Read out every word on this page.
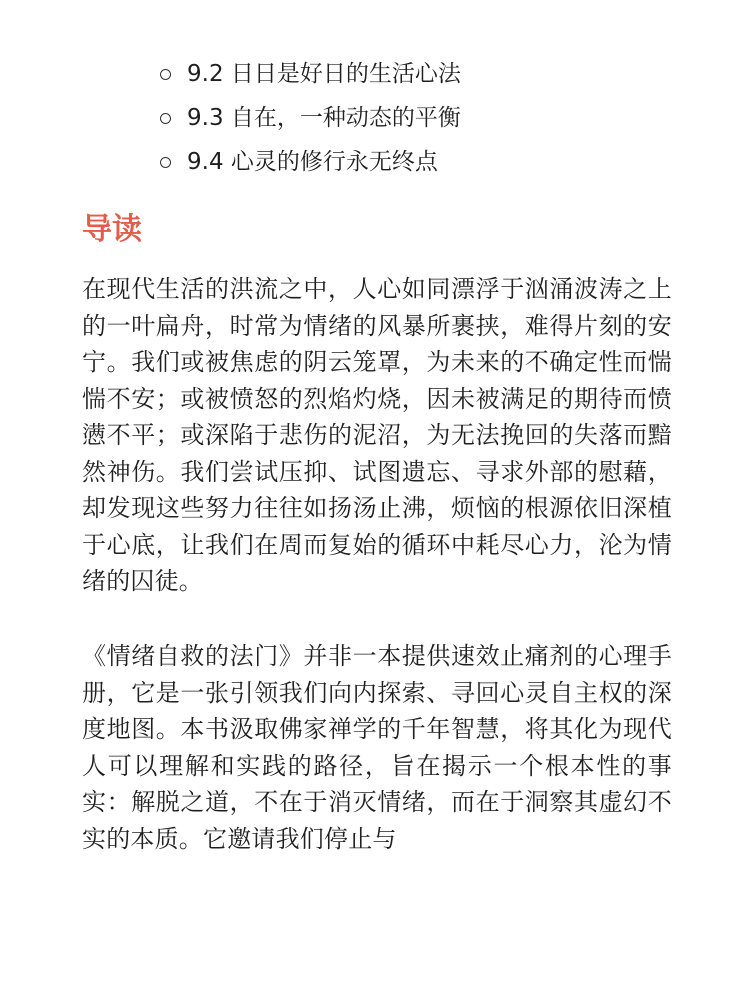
9.2 日日是好日的生活心法
9.3 自在，一种动态的平衡
9.4 心灵的修行永无终点
导读

在现代生活的洪流之中，人心如同漂浮于汹涌波涛之上的一叶扁舟，时常为情绪的风暴所裹挟，难得片刻的安宁。我们或被焦虑的阴云笼罩，为未来的不确定性而惴惴不安；或被愤怒的烈焰灼烧，因未被满足的期待而愤懑不平；或深陷于悲伤的泥沼，为无法挽回的失落而黯然神伤。我们尝试压抑、试图遗忘、寻求外部的慰藉，却发现这些努力往往如扬汤止沸，烦恼的根源依旧深植于心底，让我们在周而复始的循环中耗尽心力，沦为情绪的囚徒。

《情绪自救的法门》并非一本提供速效止痛剂的心理手册，它是一张引领我们向内探索、寻回心灵自主权的深度地图。本书汲取佛家禅学的千年智慧，将其化为现代人可以理解和实践的路径，旨在揭示一个根本性的事实：解脱之道，不在于消灭情绪，而在于洞察其虚幻不实的本质。它邀请我们停止与
